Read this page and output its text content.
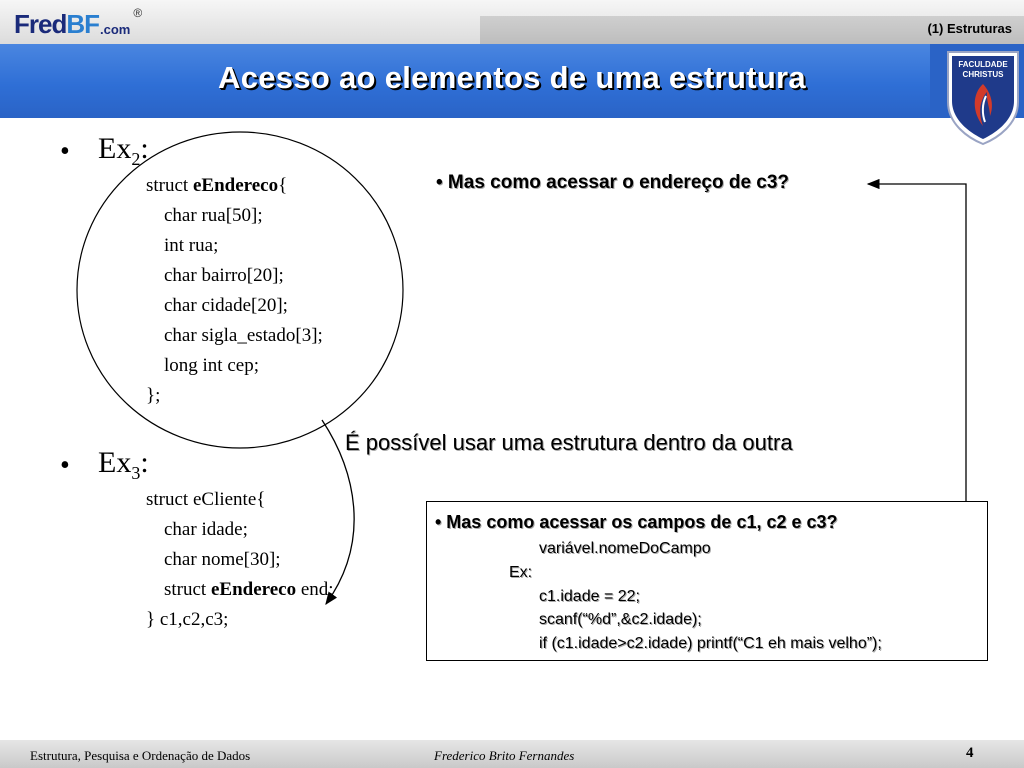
Fred BF .com
®
(1) Estruturas
Acesso ao elementos de uma estrutura	FACULDADE
CHRISTUS
• $Ex_2$:
struct eEndereco{
char rua[50];
int rua;
char bairro[20];
char cidade[20];
char sigla_estado[3];
long int cep;
};
• $Ex_3$:
struct eCliente{
char idade;
char nome[30];
struct eEndereco end;
} c1,c2,c3;
• Mas como acessar o endereço de c3?
É possível usar uma estrutura dentro da outra
• Mas como acessar os campos de c1, c2 e c3?
variável.nomeDoCampo
Ex:
c1.idade = 22;
scanf(“%d”,&c2.idade);
if (c1.idade>c2.idade) printf(“C1 eh mais velho”);
Estrutura, Pesquisa e Ordenação de Dados	Frederico Brito Fernandes	4
